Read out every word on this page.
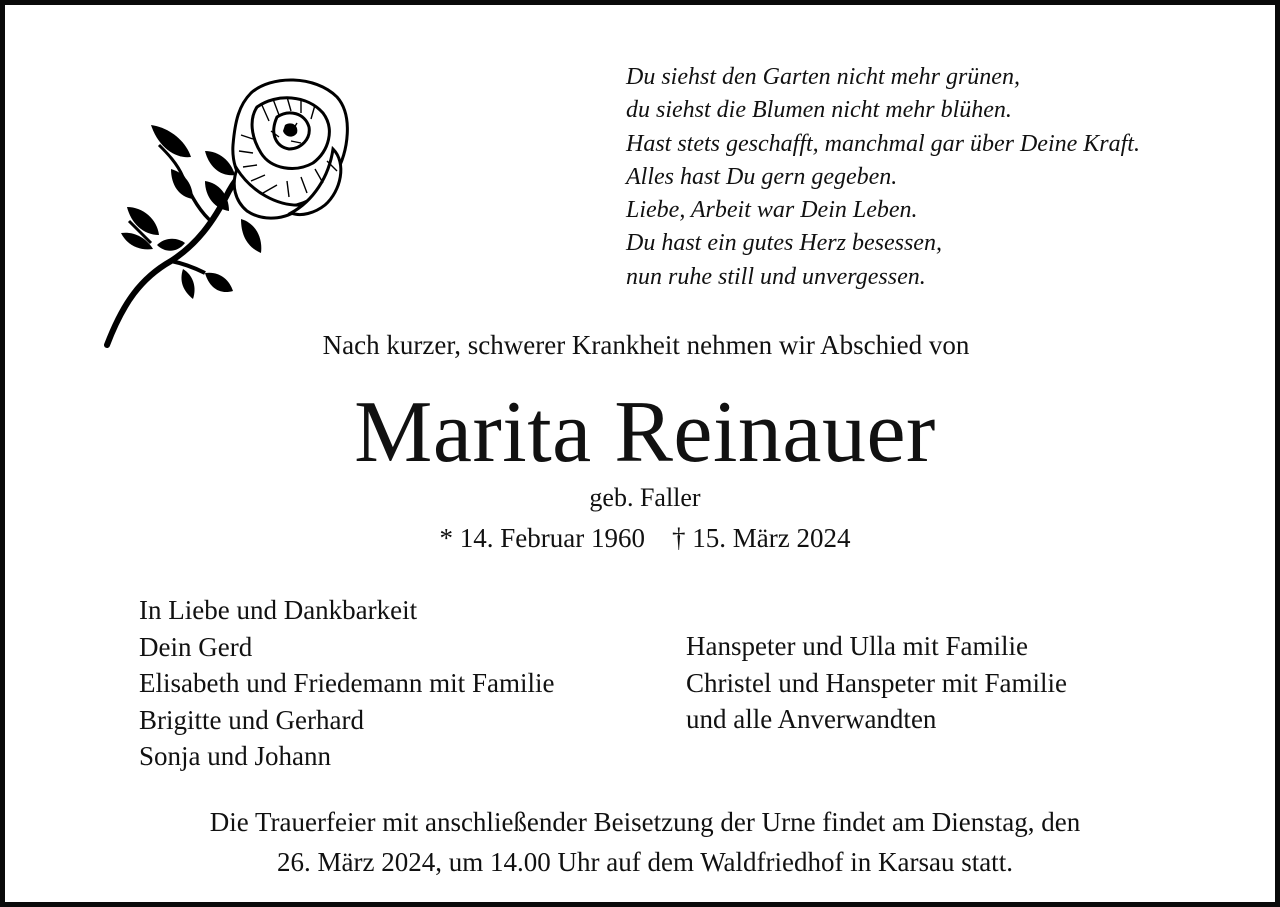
Du siehst den Garten nicht mehr grünen,
du siehst die Blumen nicht mehr blühen.
Hast stets geschafft, manchmal gar über Deine Kraft.
Alles hast Du gern gegeben.
Liebe, Arbeit war Dein Leben.
Du hast ein gutes Herz besessen,
nun ruhe still und unvergessen.
Nach kurzer, schwerer Krankheit nehmen wir Abschied von
Marita Reinauer
geb. Faller
* 14. Februar 1960    † 15. März 2024
In Liebe und Dankbarkeit
Dein Gerd
Elisabeth und Friedemann mit Familie
Brigitte und Gerhard
Sonja und Johann
Hanspeter und Ulla mit Familie
Christel und Hanspeter mit Familie
und alle Anverwandten
Die Trauerfeier mit anschließender Beisetzung der Urne findet am Dienstag, den
26. März 2024, um 14.00 Uhr auf dem Waldfriedhof in Karsau statt.
